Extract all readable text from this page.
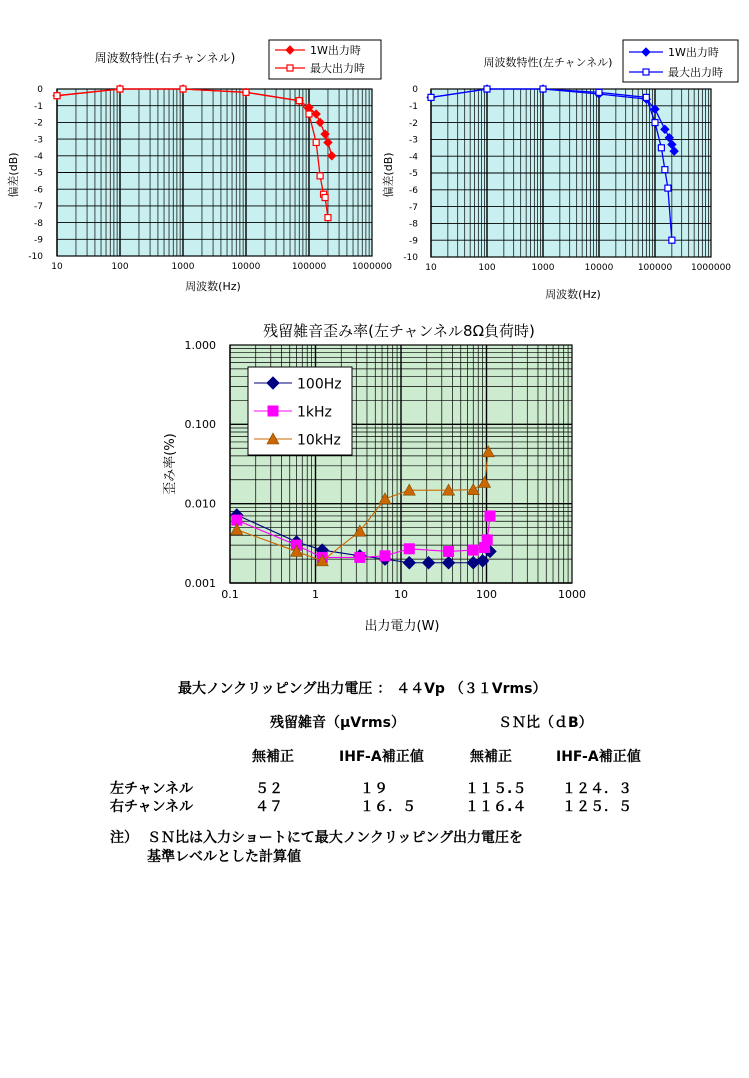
10	100	1000	10000	100000	1000000
0
-1
-2
-3
-4
-5
-6
-7
-8
-9
-10
周波数特性(右チャンネル)
周波数(Hz)
偏差(dB)
1W出力時
最大出力時
10	100	1000	10000	100000 1000000
0
-1
-2
-3
-4
-5
-6
-7
-8
-9
-10
周波数特性(左チャンネル)
周波数(Hz)
偏差(dB)
1W出力時
最大出力時
0.1	1	10	100	1000
1.000
0.100
0.010
0.001
残留雑音歪み率(左チャンネル8Ω負荷時)
出力電力(W)
歪み率(%)
100Hz
1kHz
10kHz
最大ノンクリッピング出力電圧 ： ４４Vp （３１Vrms）
残留雑音（μVrms）	ＳＮ比（ｄB）
無補正	IHF-A補正値	無補正	IHF-A補正値
左チャンネル	５２	１９	１１５.５	１２４．３
右チャンネル	４７	１６．５	１１６.４	１２５．５
注） ＳＮ比は入力ショートにて最大ノンクリッピング出力電圧を
基準レベルとした計算値
